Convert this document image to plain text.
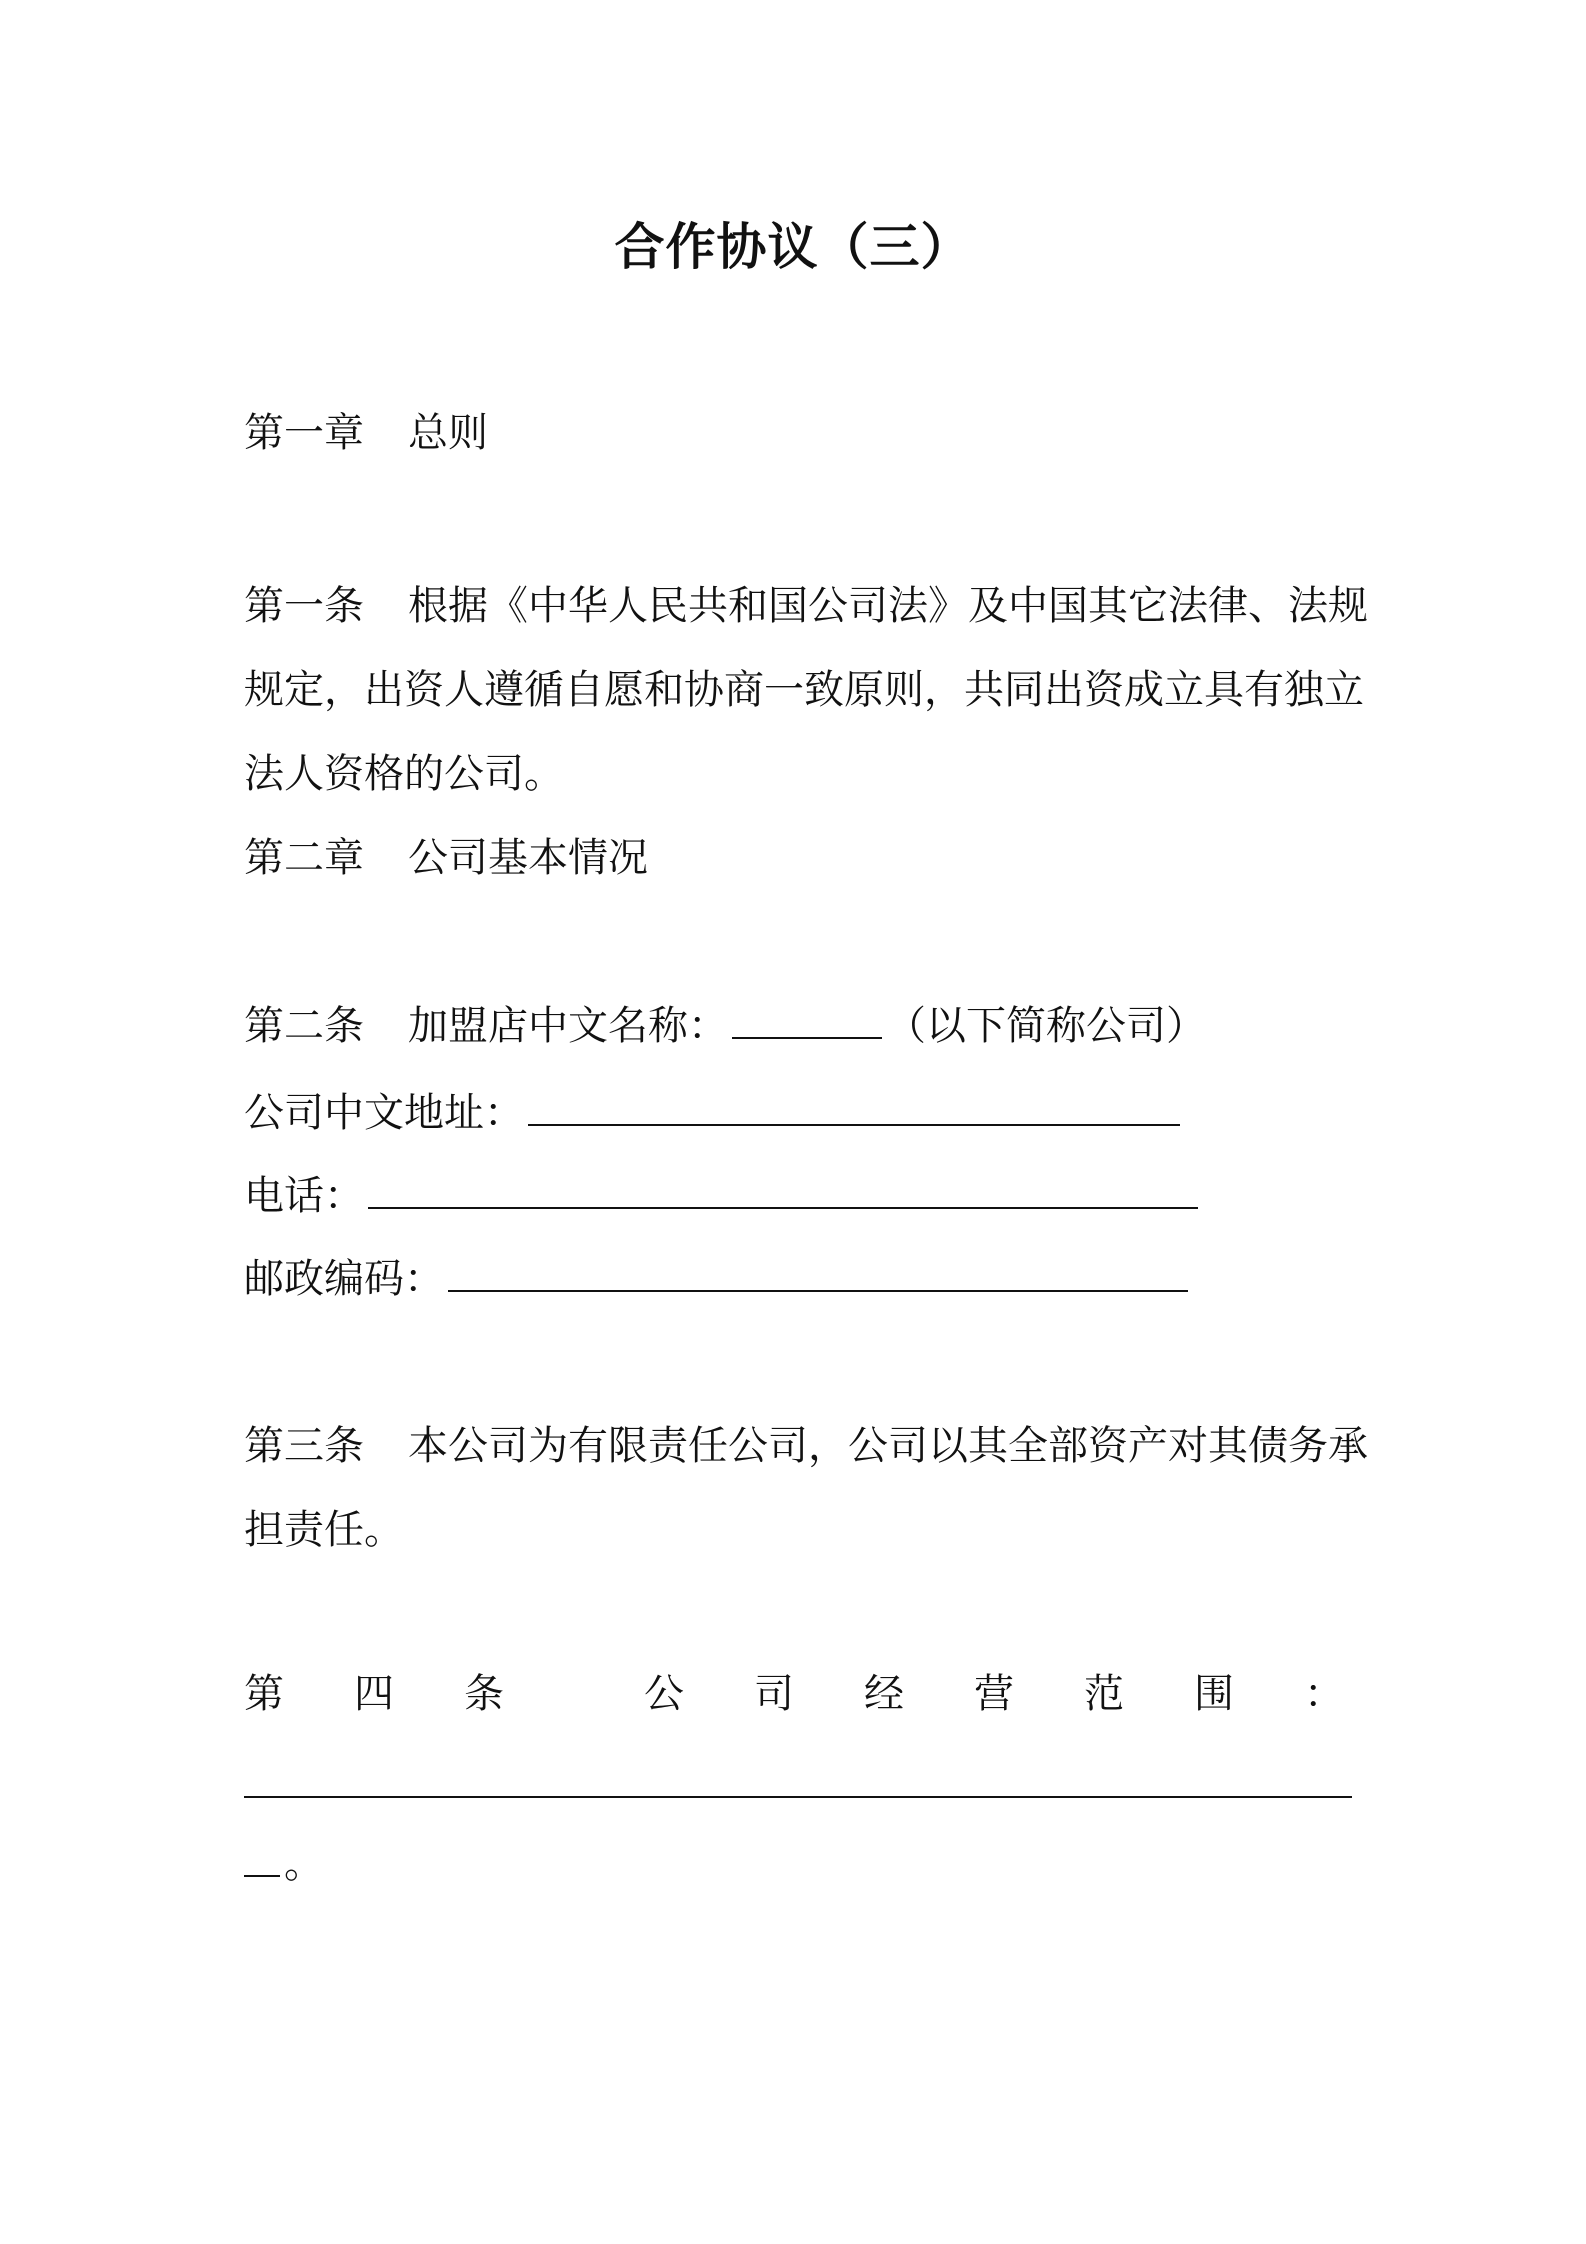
合作协议（三）

第一章 总则

第一条 根据《中华人民共和国公司法》及中国其它法律、法规

规定，出资人遵循自愿和协商一致原则，共同出资成立具有独立

法人资格的公司。

第二章 公司基本情况

第二条 加盟店中文名称：	（以下简称公司）

公司中文地址：

电话：

邮政编码：

第三条 本公司为有限责任公司，公司以其全部资产对其债务承

担责任。

第 四 条	公 司 经 营 范 围 ：

。
